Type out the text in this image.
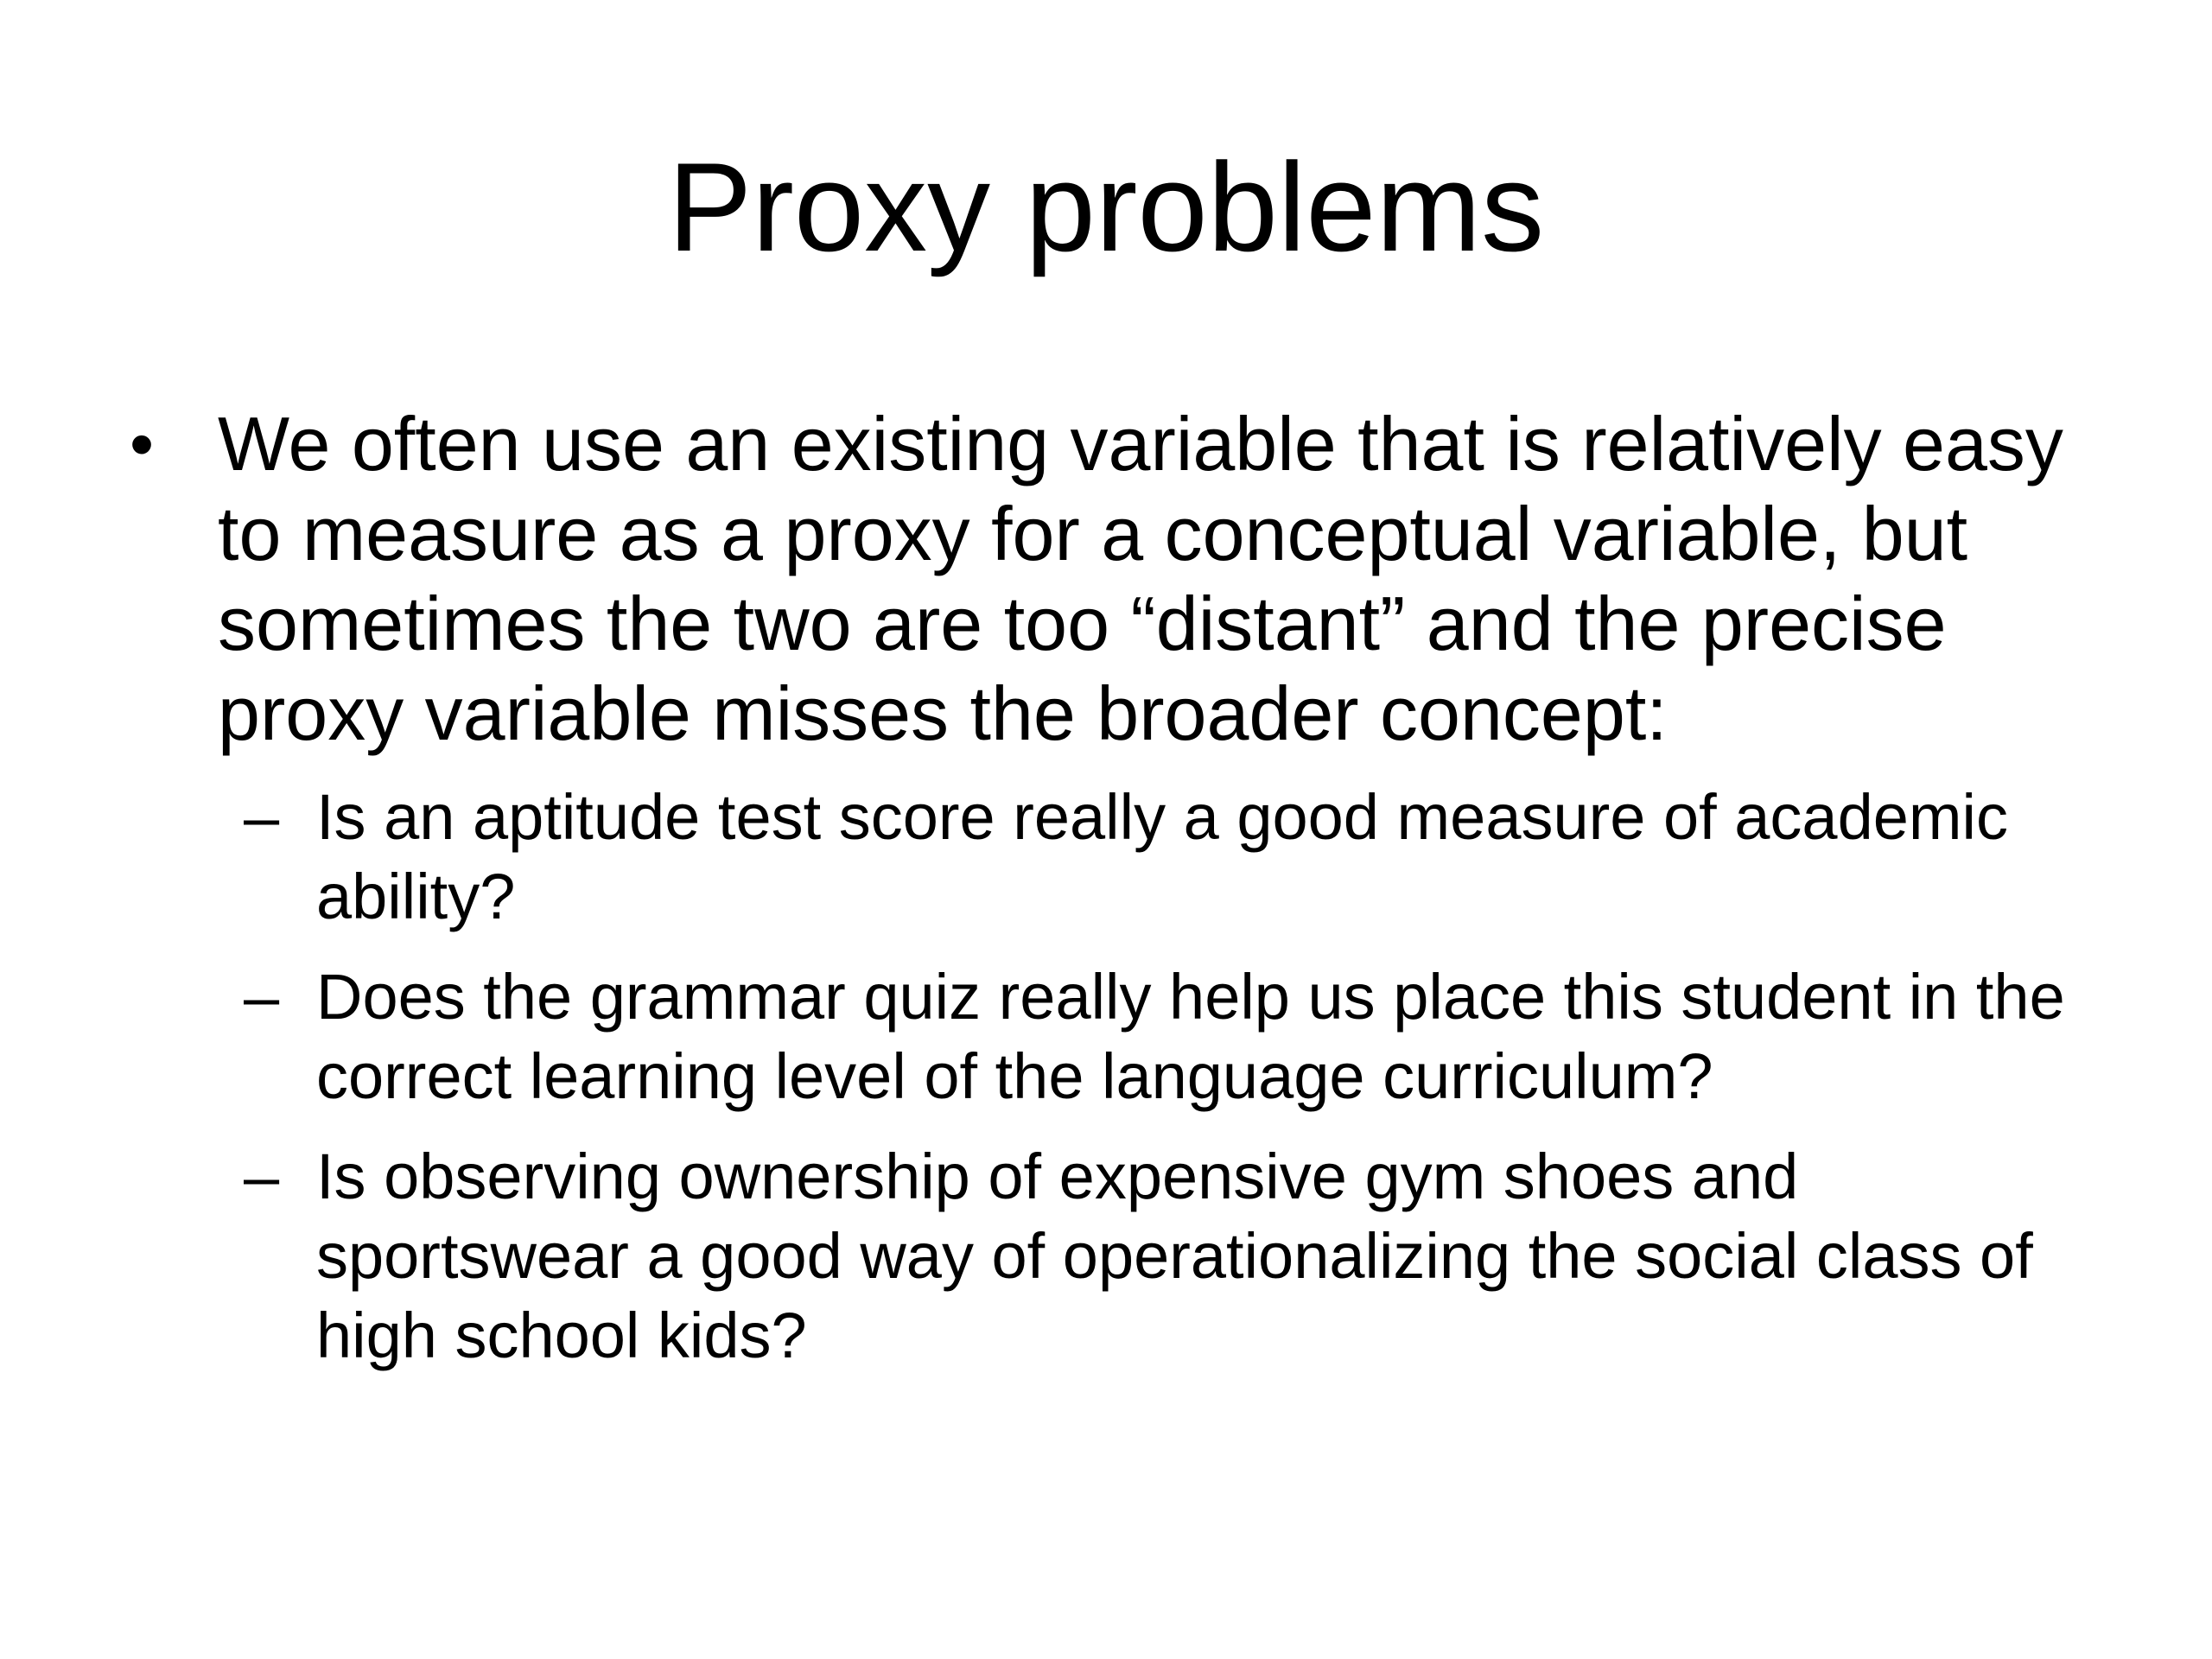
Proxy problems
• We often use an existing variable that is relatively easy to measure as a proxy for a conceptual variable, but sometimes the two are too “distant” and the precise proxy variable misses the broader concept:
– Is an aptitude test score really a good measure of academic ability?
– Does the grammar quiz really help us place this student in the correct learning level of the language curriculum?
– Is observing ownership of expensive gym shoes and sportswear a good way of operationalizing the social class of high school kids?
